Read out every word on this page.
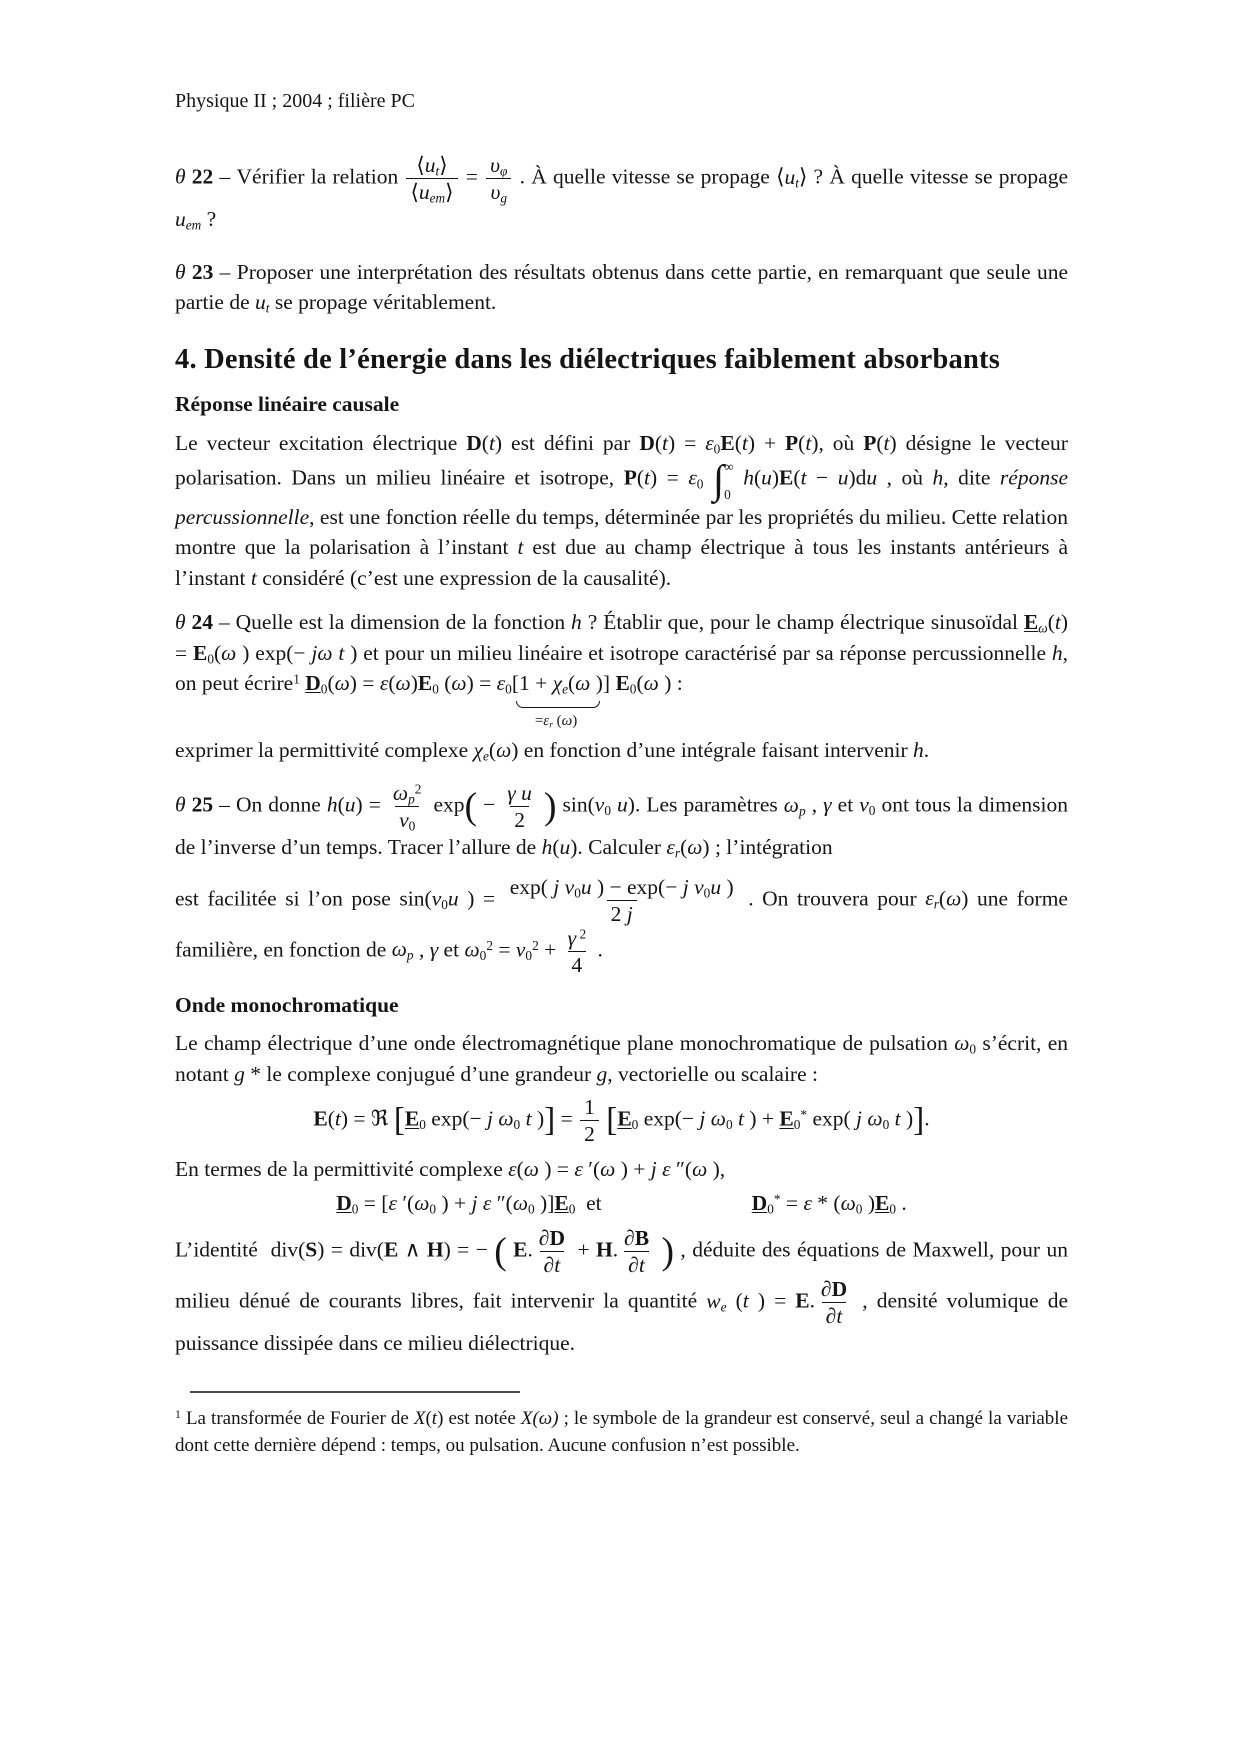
Physique II ; 2004 ; filière PC

θ 22 – Vérifier la relation $\frac{⟨u_t⟩}{⟨u_{em}⟩} = \frac{\upsilon_\varphi}{\upsilon_g}$ . À quelle vitesse se propage $⟨u_t⟩$ ? À quelle vitesse se propage $u_{em}$ ?

θ 23 – Proposer une interprétation des résultats obtenus dans cette partie, en remarquant que seule une partie de $u_t$ se propage véritablement.

4. Densité de l’énergie dans les diélectriques faiblement absorbants
Réponse linéaire causale

Le vecteur excitation électrique D(t) est défini par $D(t) = \varepsilon_0E(t) + P(t)$, où P(t) désigne le vecteur polarisation. Dans un milieu linéaire et isotrope, $P(t) = \varepsilon_0$ ∫ ∞
0
h(u)E(t − u)du , où h, dite réponse percussionnelle, est une fonction réelle du temps, déterminée par les propriétés du milieu. Cette relation montre que la polarisation à l’instant t est due au champ électrique à tous les instants antérieurs à l’instant t considéré (c’est une expression de la causalité).

θ 24 – Quelle est la dimension de la fonction h ? Établir que, pour le champ électrique sinusoïdal $E_\omega(t) = E_0(\omega$ ) exp(− jω t ) et pour un milieu linéaire et isotrope caractérisé par sa réponse percussionnelle h, on peut écrire$^1$ $D_0(\omega) = \varepsilon(\omega)E_0$ $(\omega) = \varepsilon_0[1 + \chi_e(\omega$ )]
$=\varepsilon_r$ (ω)
$E_0(\omega$ ) :

exprimer la permittivité complexe $\chi_e(\omega)$ en fonction d’une intégrale faisant intervenir h.

θ 25 – On donne $h(u) = \frac{\omega_p^2}{\nu_0} \exp( - \frac{\text{γ u}}{2}$ ) $\sin(\nu_0$ u). Les paramètres $\omega_p$ , γ et $\nu_0$ ont tous la dimension de l’inverse d’un temps. Tracer l’allure de h(u). Calculer $\varepsilon_r(\omega)$ ; l’intégration

est facilitée si l’on pose $\sin(\nu_0u$ ) = $\frac{\exp( j \nu_0u ) - \exp(- j \nu_0u )}{2 j}$ . On trouvera pour $\varepsilon_r(\omega)$ une forme familière, en fonction de $\omega_p$ , γ et $\omega_0^2 = \nu_0^2 + \frac{\gamma ^2}{4}$ .

Onde monochromatique

Le champ électrique d’une onde électromagnétique plane monochromatique de pulsation $\omega_0$ s’écrit, en notant g * le complexe conjugué d’une grandeur g, vectorielle ou scalaire :

E(t) = ℜ [$E_0$ exp(− j $\omega_0$ t )] = $\frac{1}{2} [E_0$ exp(− j $\omega_0$ t ) + $E_0^*$ exp( j $\omega_0$ t )].

En termes de la permittivité complexe ε(ω ) = ε ′(ω ) + j ε ″(ω ),

$D_0 = [\varepsilon$ $'(\omega_0$ ) + j ε $''(\omega_0$ )]$E_0$  et	$D_0^* = \varepsilon * (\omega_0$ )$E_0$ .

L’identité  div(S) = div(E ∧ H) = − ( E. $\frac{\partial D}{\partial t} + H$. $\frac{\partial B}{\partial t}$ ) , déduite des équations de Maxwell, pour un milieu dénué de courants libres, fait intervenir la quantité $w_e$ (t ) = E. $\frac{\partial D}{\partial t}$ , densité volumique de puissance dissipée dans ce milieu diélectrique.

$^1$ La transformée de Fourier de X(t) est notée X(ω) ; le symbole de la grandeur est conservé, seul a changé la variable dont cette dernière dépend : temps, ou pulsation. Aucune confusion n’est possible.
